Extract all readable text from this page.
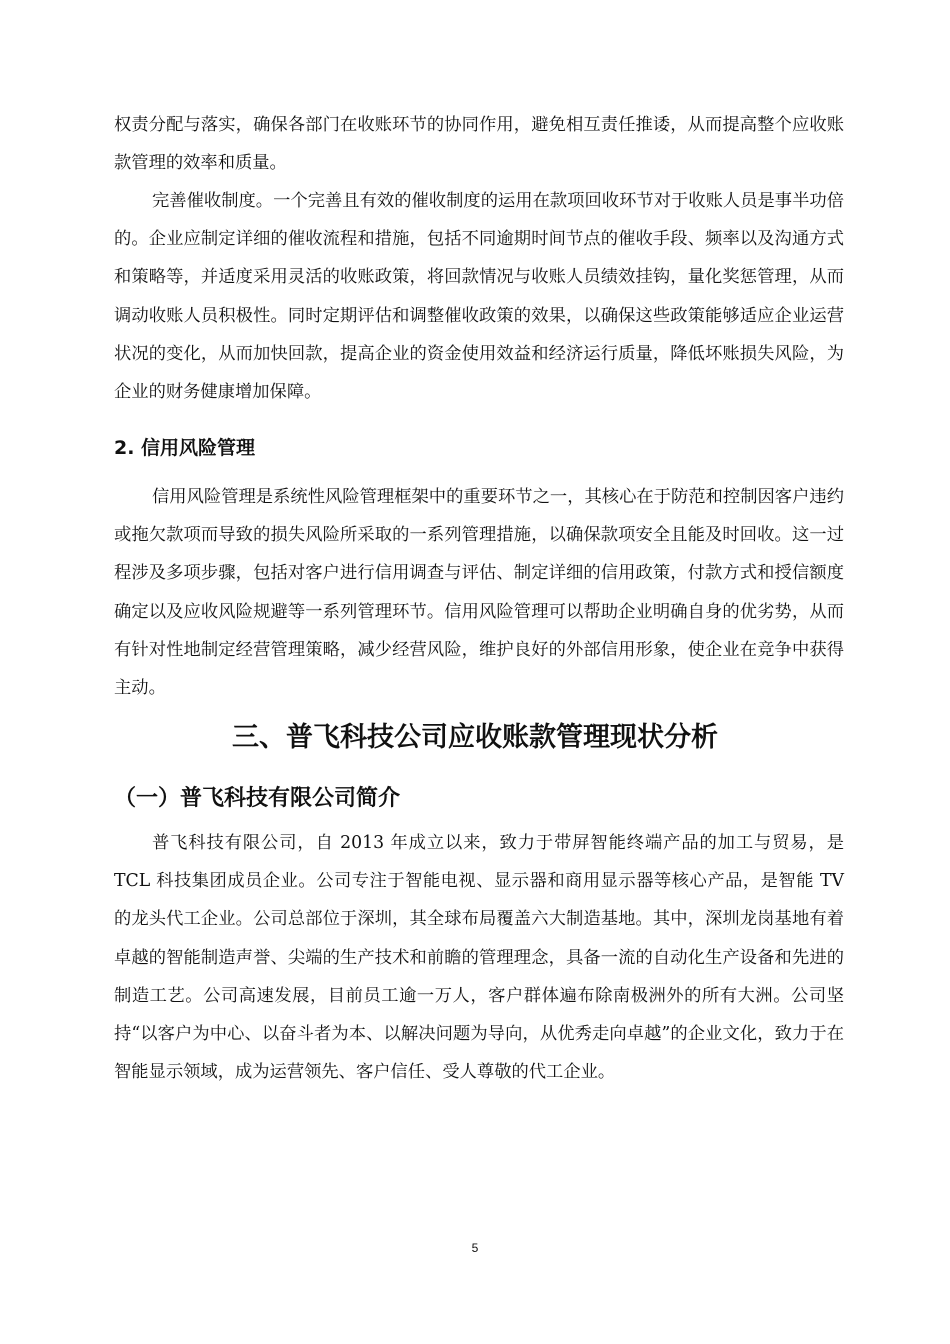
权责分配与落实，确保各部门在收账环节的协同作用，避免相互责任推诿，从而提高整个应收账款管理的效率和质量。

完善催收制度。一个完善且有效的催收制度的运用在款项回收环节对于收账人员是事半功倍的。企业应制定详细的催收流程和措施，包括不同逾期时间节点的催收手段、频率以及沟通方式和策略等，并适度采用灵活的收账政策，将回款情况与收账人员绩效挂钩，量化奖惩管理，从而调动收账人员积极性。同时定期评估和调整催收政策的效果，以确保这些政策能够适应企业运营状况的变化，从而加快回款，提高企业的资金使用效益和经济运行质量，降低坏账损失风险，为企业的财务健康增加保障。

2. 信用风险管理

信用风险管理是系统性风险管理框架中的重要环节之一，其核心在于防范和控制因客户违约或拖欠款项而导致的损失风险所采取的一系列管理措施，以确保款项安全且能及时回收。这一过程涉及多项步骤，包括对客户进行信用调查与评估、制定详细的信用政策，付款方式和授信额度确定以及应收风险规避等一系列管理环节。信用风险管理可以帮助企业明确自身的优劣势，从而有针对性地制定经营管理策略，减少经营风险，维护良好的外部信用形象，使企业在竞争中获得主动。

三、普飞科技公司应收账款管理现状分析
（一）普飞科技有限公司简介

普飞科技有限公司，自 2013 年成立以来，致力于带屏智能终端产品的加工与贸易，是 TCL 科技集团成员企业。公司专注于智能电视、显示器和商用显示器等核心产品，是智能 TV 的龙头代工企业。公司总部位于深圳，其全球布局覆盖六大制造基地。其中，深圳龙岗基地有着卓越的智能制造声誉、尖端的生产技术和前瞻的管理理念，具备一流的自动化生产设备和先进的制造工艺。公司高速发展，目前员工逾一万人，客户群体遍布除南极洲外的所有大洲。公司坚持“以客户为中心、以奋斗者为本、以解决问题为导向，从优秀走向卓越”的企业文化，致力于在智能显示领域，成为运营领先、客户信任、受人尊敬的代工企业。

5
